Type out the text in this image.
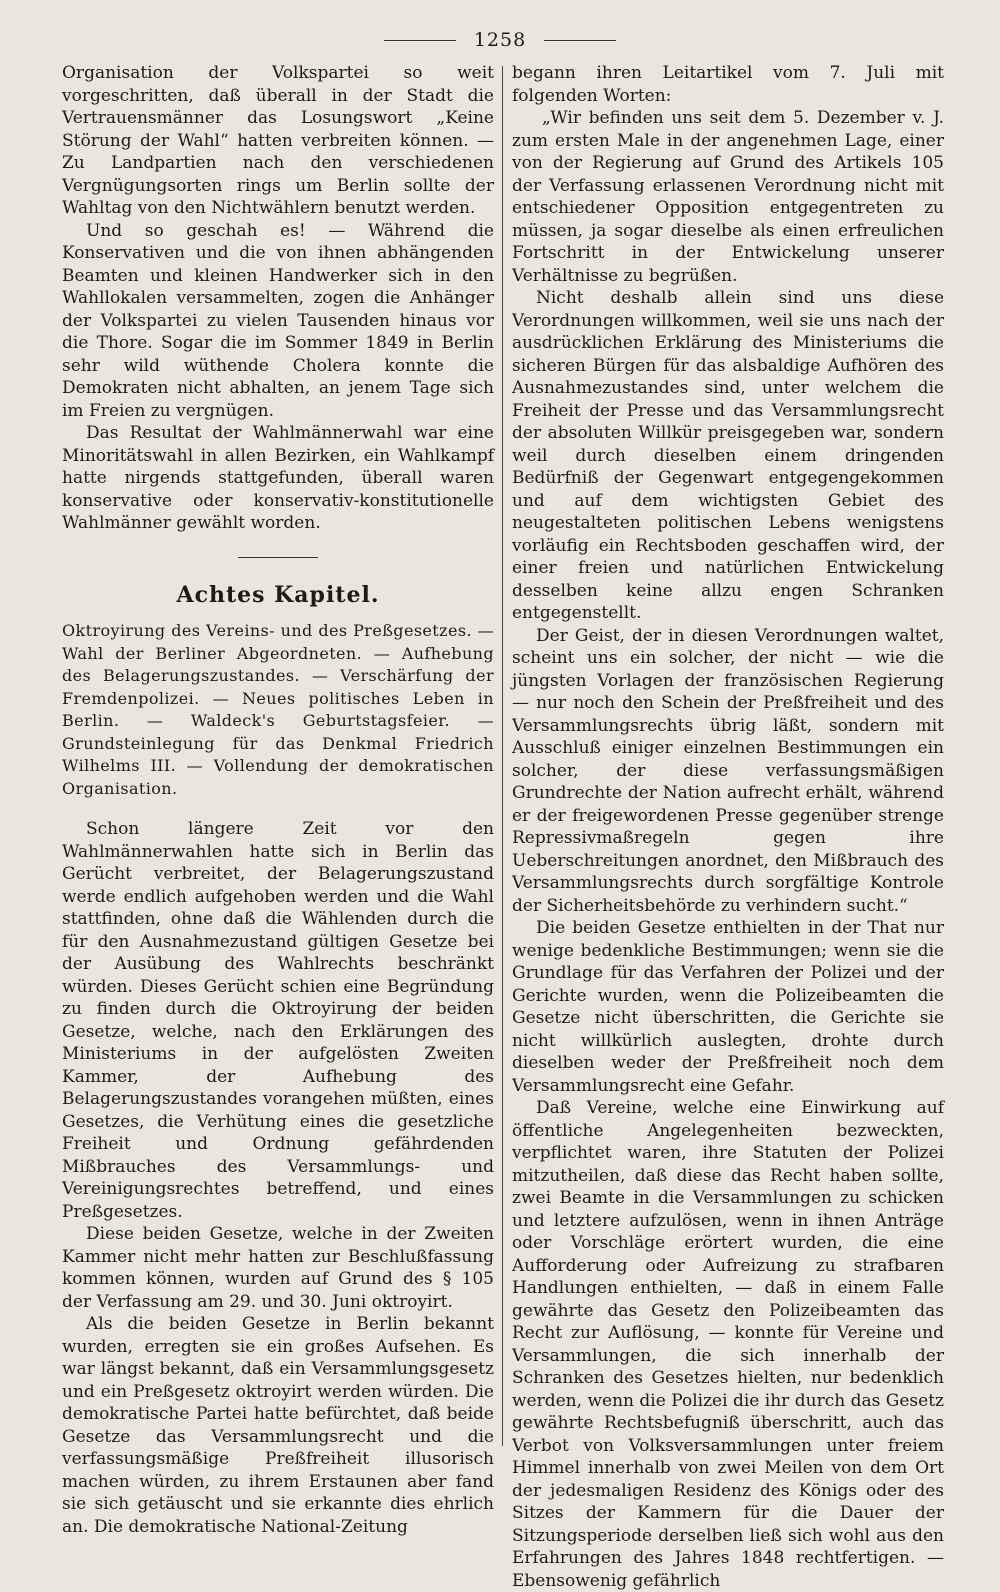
1258

Organisation der Volkspartei so weit vorgeschritten, daß überall in der Stadt die Vertrauensmänner das Losungswort „Keine Störung der Wahl“ hatten verbreiten können. — Zu Landpartien nach den verschiedenen Vergnügungsorten rings um Berlin sollte der Wahltag von den Nichtwählern benutzt werden.

Und so geschah es! — Während die Konservativen und die von ihnen abhängenden Beamten und kleinen Handwerker sich in den Wahllokalen versammelten, zogen die Anhänger der Volkspartei zu vielen Tausenden hinaus vor die Thore. Sogar die im Sommer 1849 in Berlin sehr wild wüthende Cholera konnte die Demokraten nicht abhalten, an jenem Tage sich im Freien zu vergnügen.

Das Resultat der Wahlmännerwahl war eine Minoritätswahl in allen Bezirken, ein Wahlkampf hatte nirgends stattgefunden, überall waren konservative oder konservativ-konstitutionelle Wahlmänner gewählt worden.

Achtes Kapitel.

Oktroyirung des Vereins- und des Preßgesetzes. — Wahl der Berliner Abgeordneten. — Aufhebung des Belagerungszustandes. — Verschärfung der Fremdenpolizei. — Neues politisches Leben in Berlin. — Waldeck's Geburtstagsfeier. — Grundsteinlegung für das Denkmal Friedrich Wilhelms III. — Vollendung der demokratischen Organisation.

Schon längere Zeit vor den Wahlmännerwahlen hatte sich in Berlin das Gerücht verbreitet, der Belagerungszustand werde endlich aufgehoben werden und die Wahl stattfinden, ohne daß die Wählenden durch die für den Ausnahmezustand gültigen Gesetze bei der Ausübung des Wahlrechts beschränkt würden. Dieses Gerücht schien eine Begründung zu finden durch die Oktroyirung der beiden Gesetze, welche, nach den Erklärungen des Ministeriums in der aufgelösten Zweiten Kammer, der Aufhebung des Belagerungszustandes vorangehen müßten, eines Gesetzes, die Verhütung eines die gesetzliche Freiheit und Ordnung gefährdenden Mißbrauches des Versammlungs- und Vereinigungsrechtes betreffend, und eines Preßgesetzes.

Diese beiden Gesetze, welche in der Zweiten Kammer nicht mehr hatten zur Beschlußfassung kommen können, wurden auf Grund des § 105 der Verfassung am 29. und 30. Juni oktroyirt.

Als die beiden Gesetze in Berlin bekannt wurden, erregten sie ein großes Aufsehen. Es war längst bekannt, daß ein Versammlungsgesetz und ein Preßgesetz oktroyirt werden würden. Die demokratische Partei hatte befürchtet, daß beide Gesetze das Versammlungsrecht und die verfassungsmäßige Preßfreiheit illusorisch machen würden, zu ihrem Erstaunen aber fand sie sich getäuscht und sie erkannte dies ehrlich an. Die demokratische National-Zeitung

begann ihren Leitartikel vom 7. Juli mit folgenden Worten:

„Wir befinden uns seit dem 5. Dezember v. J. zum ersten Male in der angenehmen Lage, einer von der Regierung auf Grund des Artikels 105 der Verfassung erlassenen Verordnung nicht mit entschiedener Opposition entgegentreten zu müssen, ja sogar dieselbe als einen erfreulichen Fortschritt in der Entwickelung unserer Verhältnisse zu begrüßen.

Nicht deshalb allein sind uns diese Verordnungen willkommen, weil sie uns nach der ausdrücklichen Erklärung des Ministeriums die sicheren Bürgen für das alsbaldige Aufhören des Ausnahmezustandes sind, unter welchem die Freiheit der Presse und das Versammlungsrecht der absoluten Willkür preisgegeben war, sondern weil durch dieselben einem dringenden Bedürfniß der Gegenwart entgegengekommen und auf dem wichtigsten Gebiet des neugestalteten politischen Lebens wenigstens vorläufig ein Rechtsboden geschaffen wird, der einer freien und natürlichen Entwickelung desselben keine allzu engen Schranken entgegenstellt.

Der Geist, der in diesen Verordnungen waltet, scheint uns ein solcher, der nicht — wie die jüngsten Vorlagen der französischen Regierung — nur noch den Schein der Preßfreiheit und des Versammlungsrechts übrig läßt, sondern mit Ausschluß einiger einzelnen Bestimmungen ein solcher, der diese verfassungsmäßigen Grundrechte der Nation aufrecht erhält, während er der freigewordenen Presse gegenüber strenge Repressivmaßregeln gegen ihre Ueberschreitungen anordnet, den Mißbrauch des Versammlungsrechts durch sorgfältige Kontrole der Sicherheitsbehörde zu verhindern sucht.“

Die beiden Gesetze enthielten in der That nur wenige bedenkliche Bestimmungen; wenn sie die Grundlage für das Verfahren der Polizei und der Gerichte wurden, wenn die Polizeibeamten die Gesetze nicht überschritten, die Gerichte sie nicht willkürlich auslegten, drohte durch dieselben weder der Preßfreiheit noch dem Versammlungsrecht eine Gefahr.

Daß Vereine, welche eine Einwirkung auf öffentliche Angelegenheiten bezweckten, verpflichtet waren, ihre Statuten der Polizei mitzutheilen, daß diese das Recht haben sollte, zwei Beamte in die Versammlungen zu schicken und letztere aufzulösen, wenn in ihnen Anträge oder Vorschläge erörtert wurden, die eine Aufforderung oder Aufreizung zu strafbaren Handlungen enthielten, — daß in einem Falle gewährte das Gesetz den Polizeibeamten das Recht zur Auflösung, — konnte für Vereine und Versammlungen, die sich innerhalb der Schranken des Gesetzes hielten, nur bedenklich werden, wenn die Polizei die ihr durch das Gesetz gewährte Rechtsbefugniß überschritt, auch das Verbot von Volksversammlungen unter freiem Himmel innerhalb von zwei Meilen von dem Ort der jedesmaligen Residenz des Königs oder des Sitzes der Kammern für die Dauer der Sitzungsperiode derselben ließ sich wohl aus den Erfahrungen des Jahres 1848 rechtfertigen. — Ebensowenig gefährlich
